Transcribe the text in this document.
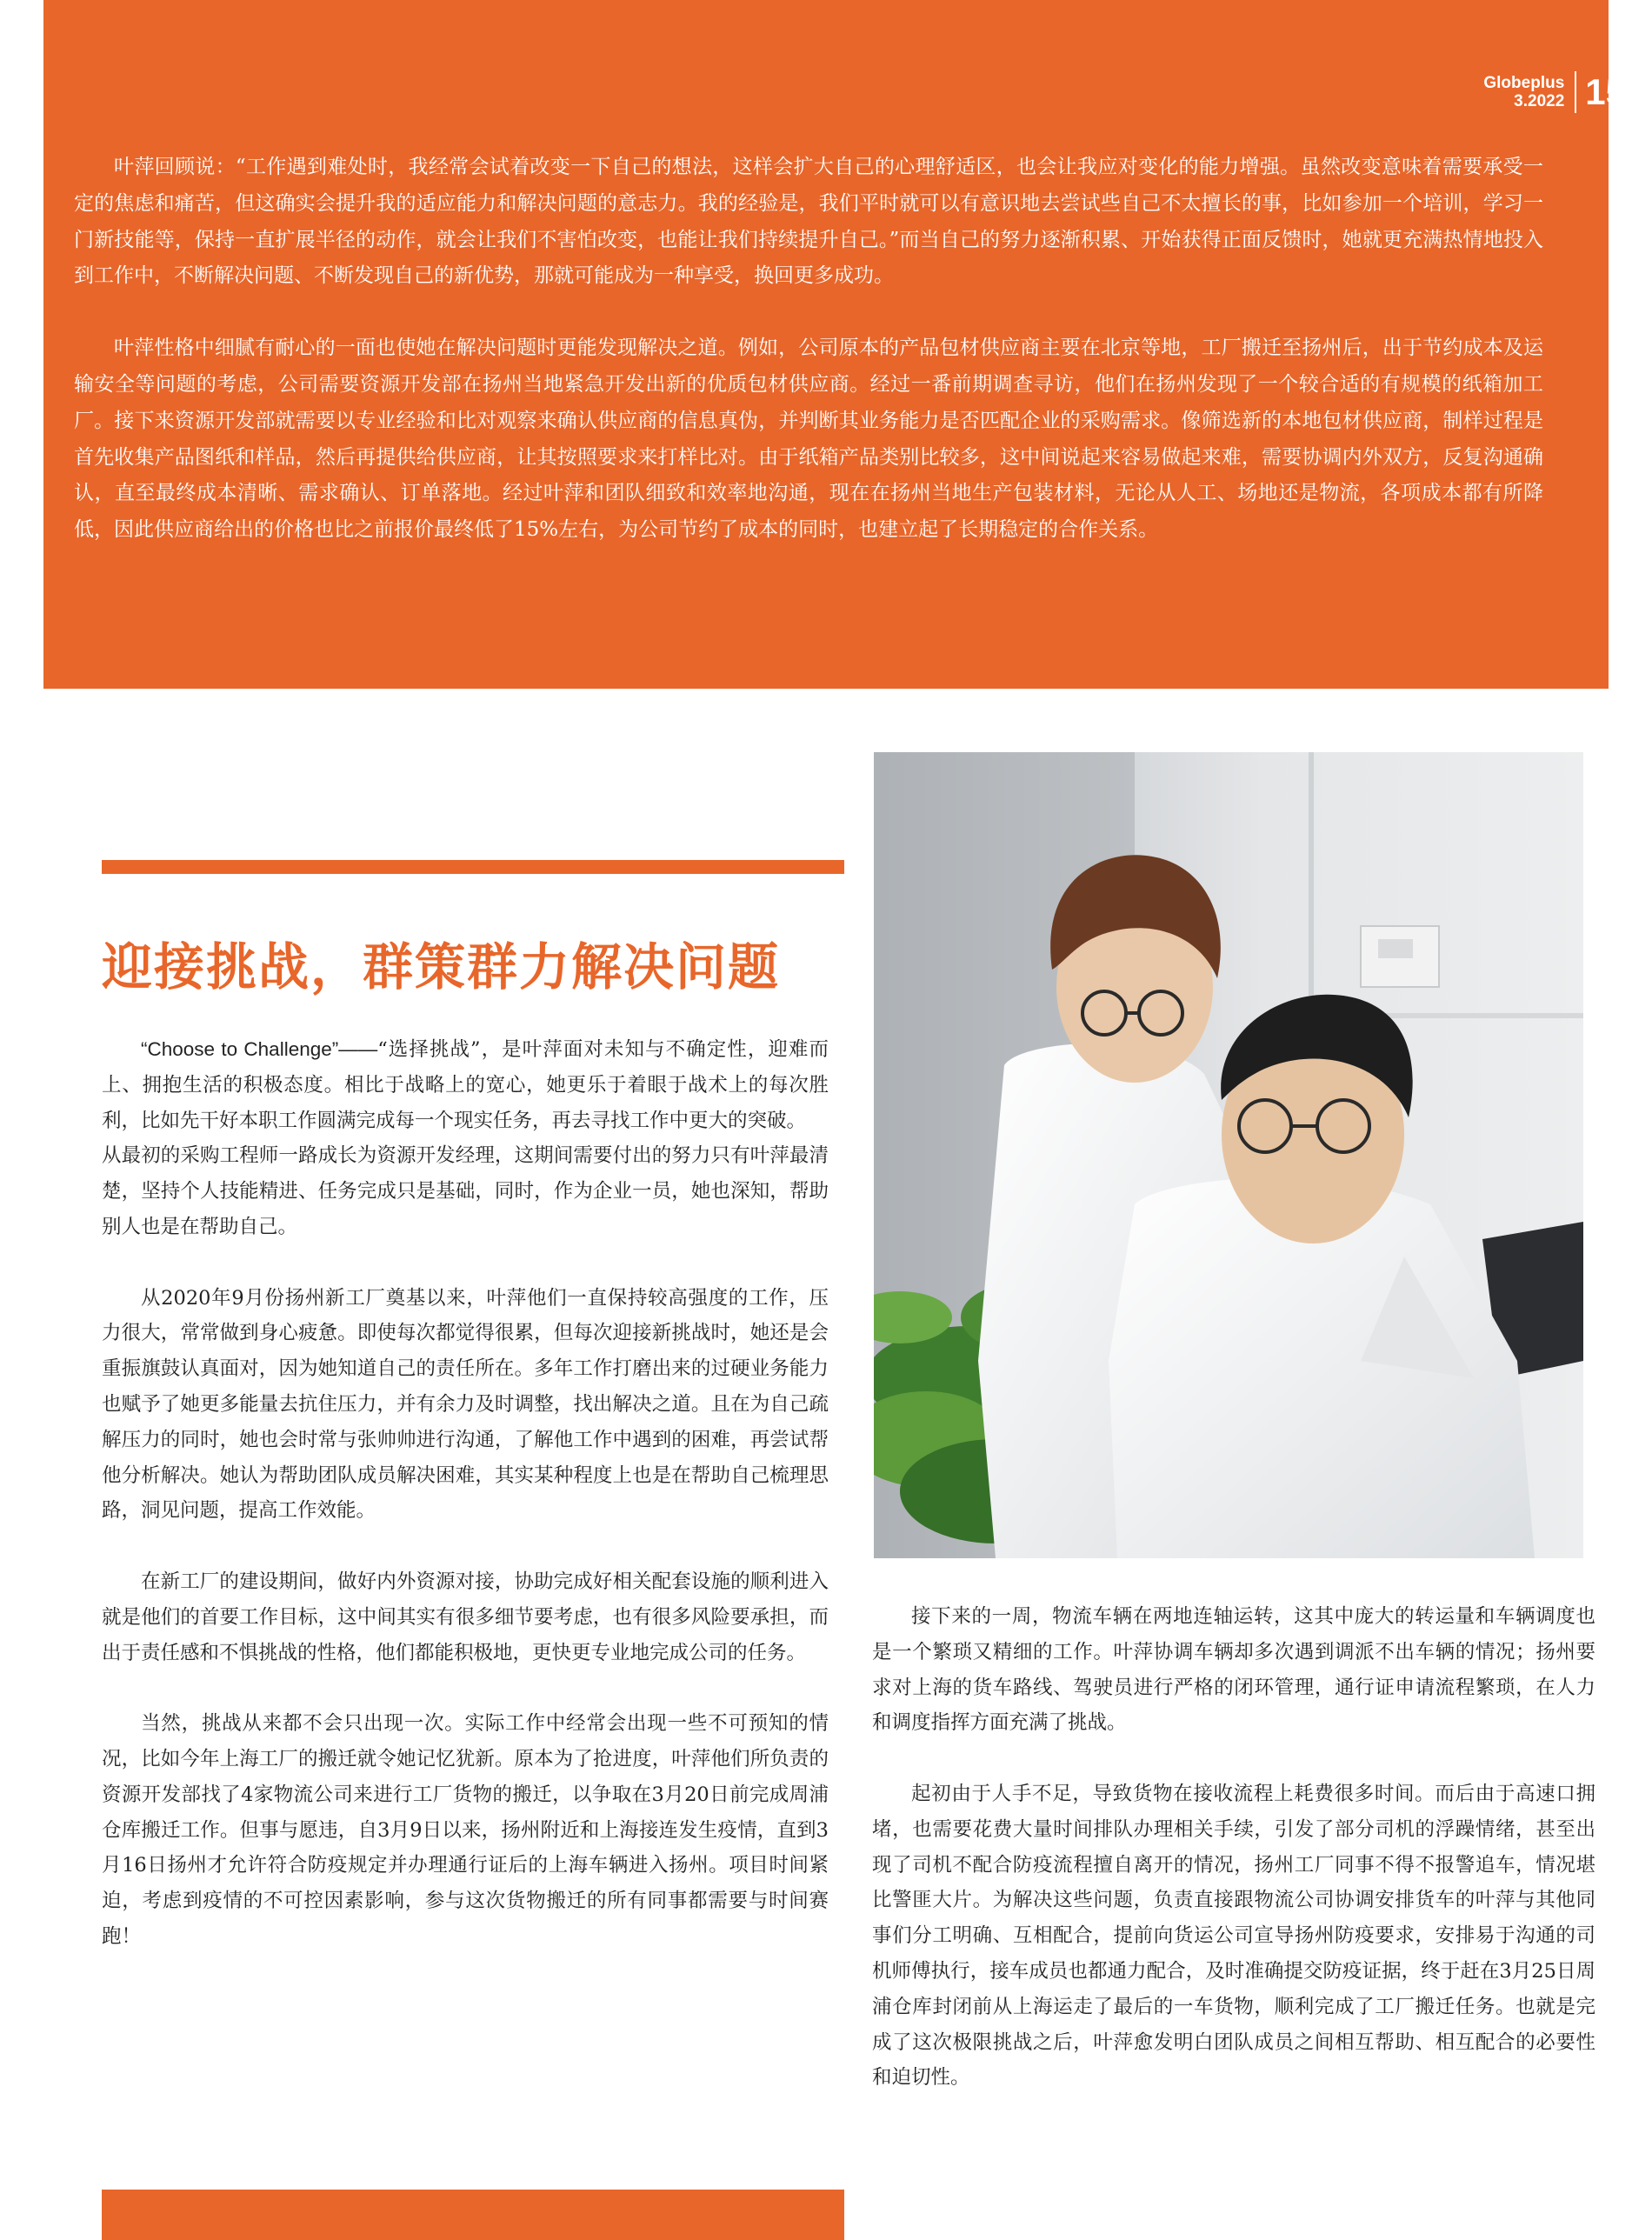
Globeplus
3.2022 15

叶萍回顾说：“工作遇到难处时，我经常会试着改变一下自己的想法，这样会扩大自己的心理舒适区，也会让我应对变化的能力增强。虽然改变意味着需要承受一定的焦虑和痛苦，但这确实会提升我的适应能力和解决问题的意志力。我的经验是，我们平时就可以有意识地去尝试些自己不太擅长的事，比如参加一个培训，学习一门新技能等，保持一直扩展半径的动作，就会让我们不害怕改变，也能让我们持续提升自己。”而当自己的努力逐渐积累、开始获得正面反馈时，她就更充满热情地投入到工作中，不断解决问题、不断发现自己的新优势，那就可能成为一种享受，换回更多成功。

叶萍性格中细腻有耐心的一面也使她在解决问题时更能发现解决之道。例如，公司原本的产品包材供应商主要在北京等地，工厂搬迁至扬州后，出于节约成本及运输安全等问题的考虑，公司需要资源开发部在扬州当地紧急开发出新的优质包材供应商。经过一番前期调查寻访，他们在扬州发现了一个较合适的有规模的纸箱加工厂。接下来资源开发部就需要以专业经验和比对观察来确认供应商的信息真伪，并判断其业务能力是否匹配企业的采购需求。像筛选新的本地包材供应商，制样过程是首先收集产品图纸和样品，然后再提供给供应商，让其按照要求来打样比对。由于纸箱产品类别比较多，这中间说起来容易做起来难，需要协调内外双方，反复沟通确认，直至最终成本清晰、需求确认、订单落地。经过叶萍和团队细致和效率地沟通，现在在扬州当地生产包装材料，无论从人工、场地还是物流，各项成本都有所降低，因此供应商给出的价格也比之前报价最终低了15%左右，为公司节约了成本的同时，也建立起了长期稳定的合作关系。

迎接挑战，群策群力解决问题

“Choose to Challenge”——“选择挑战”，是叶萍面对未知与不确定性，迎难而上、拥抱生活的积极态度。相比于战略上的宽心，她更乐于着眼于战术上的每次胜利，比如先干好本职工作圆满完成每一个现实任务，再去寻找工作中更大的突破。

从最初的采购工程师一路成长为资源开发经理，这期间需要付出的努力只有叶萍最清楚，坚持个人技能精进、任务完成只是基础，同时，作为企业一员，她也深知，帮助别人也是在帮助自己。

从2020年9月份扬州新工厂奠基以来，叶萍他们一直保持较高强度的工作，压力很大，常常做到身心疲惫。即使每次都觉得很累，但每次迎接新挑战时，她还是会重振旗鼓认真面对，因为她知道自己的责任所在。多年工作打磨出来的过硬业务能力也赋予了她更多能量去抗住压力，并有余力及时调整，找出解决之道。且在为自己疏解压力的同时，她也会时常与张帅帅进行沟通，了解他工作中遇到的困难，再尝试帮他分析解决。她认为帮助团队成员解决困难，其实某种程度上也是在帮助自己梳理思路，洞见问题，提高工作效能。

在新工厂的建设期间，做好内外资源对接，协助完成好相关配套设施的顺利进入就是他们的首要工作目标，这中间其实有很多细节要考虑，也有很多风险要承担，而出于责任感和不惧挑战的性格，他们都能积极地，更快更专业地完成公司的任务。

当然，挑战从来都不会只出现一次。实际工作中经常会出现一些不可预知的情况，比如今年上海工厂的搬迁就令她记忆犹新。原本为了抢进度，叶萍他们所负责的资源开发部找了4家物流公司来进行工厂货物的搬迁，以争取在3月20日前完成周浦仓库搬迁工作。但事与愿违，自3月9日以来，扬州附近和上海接连发生疫情，直到3月16日扬州才允许符合防疫规定并办理通行证后的上海车辆进入扬州。项目时间紧迫，考虑到疫情的不可控因素影响，参与这次货物搬迁的所有同事都需要与时间赛跑！

接下来的一周，物流车辆在两地连轴运转，这其中庞大的转运量和车辆调度也是一个繁琐又精细的工作。叶萍协调车辆却多次遇到调派不出车辆的情况；扬州要求对上海的货车路线、驾驶员进行严格的闭环管理，通行证申请流程繁琐，在人力和调度指挥方面充满了挑战。

起初由于人手不足，导致货物在接收流程上耗费很多时间。而后由于高速口拥堵，也需要花费大量时间排队办理相关手续，引发了部分司机的浮躁情绪，甚至出现了司机不配合防疫流程擅自离开的情况，扬州工厂同事不得不报警追车，情况堪比警匪大片。为解决这些问题，负责直接跟物流公司协调安排货车的叶萍与其他同事们分工明确、互相配合，提前向货运公司宣导扬州防疫要求，安排易于沟通的司机师傅执行，接车成员也都通力配合，及时准确提交防疫证据，终于赶在3月25日周浦仓库封闭前从上海运走了最后的一车货物，顺利完成了工厂搬迁任务。也就是完成了这次极限挑战之后，叶萍愈发明白团队成员之间相互帮助、相互配合的必要性和迫切性。
